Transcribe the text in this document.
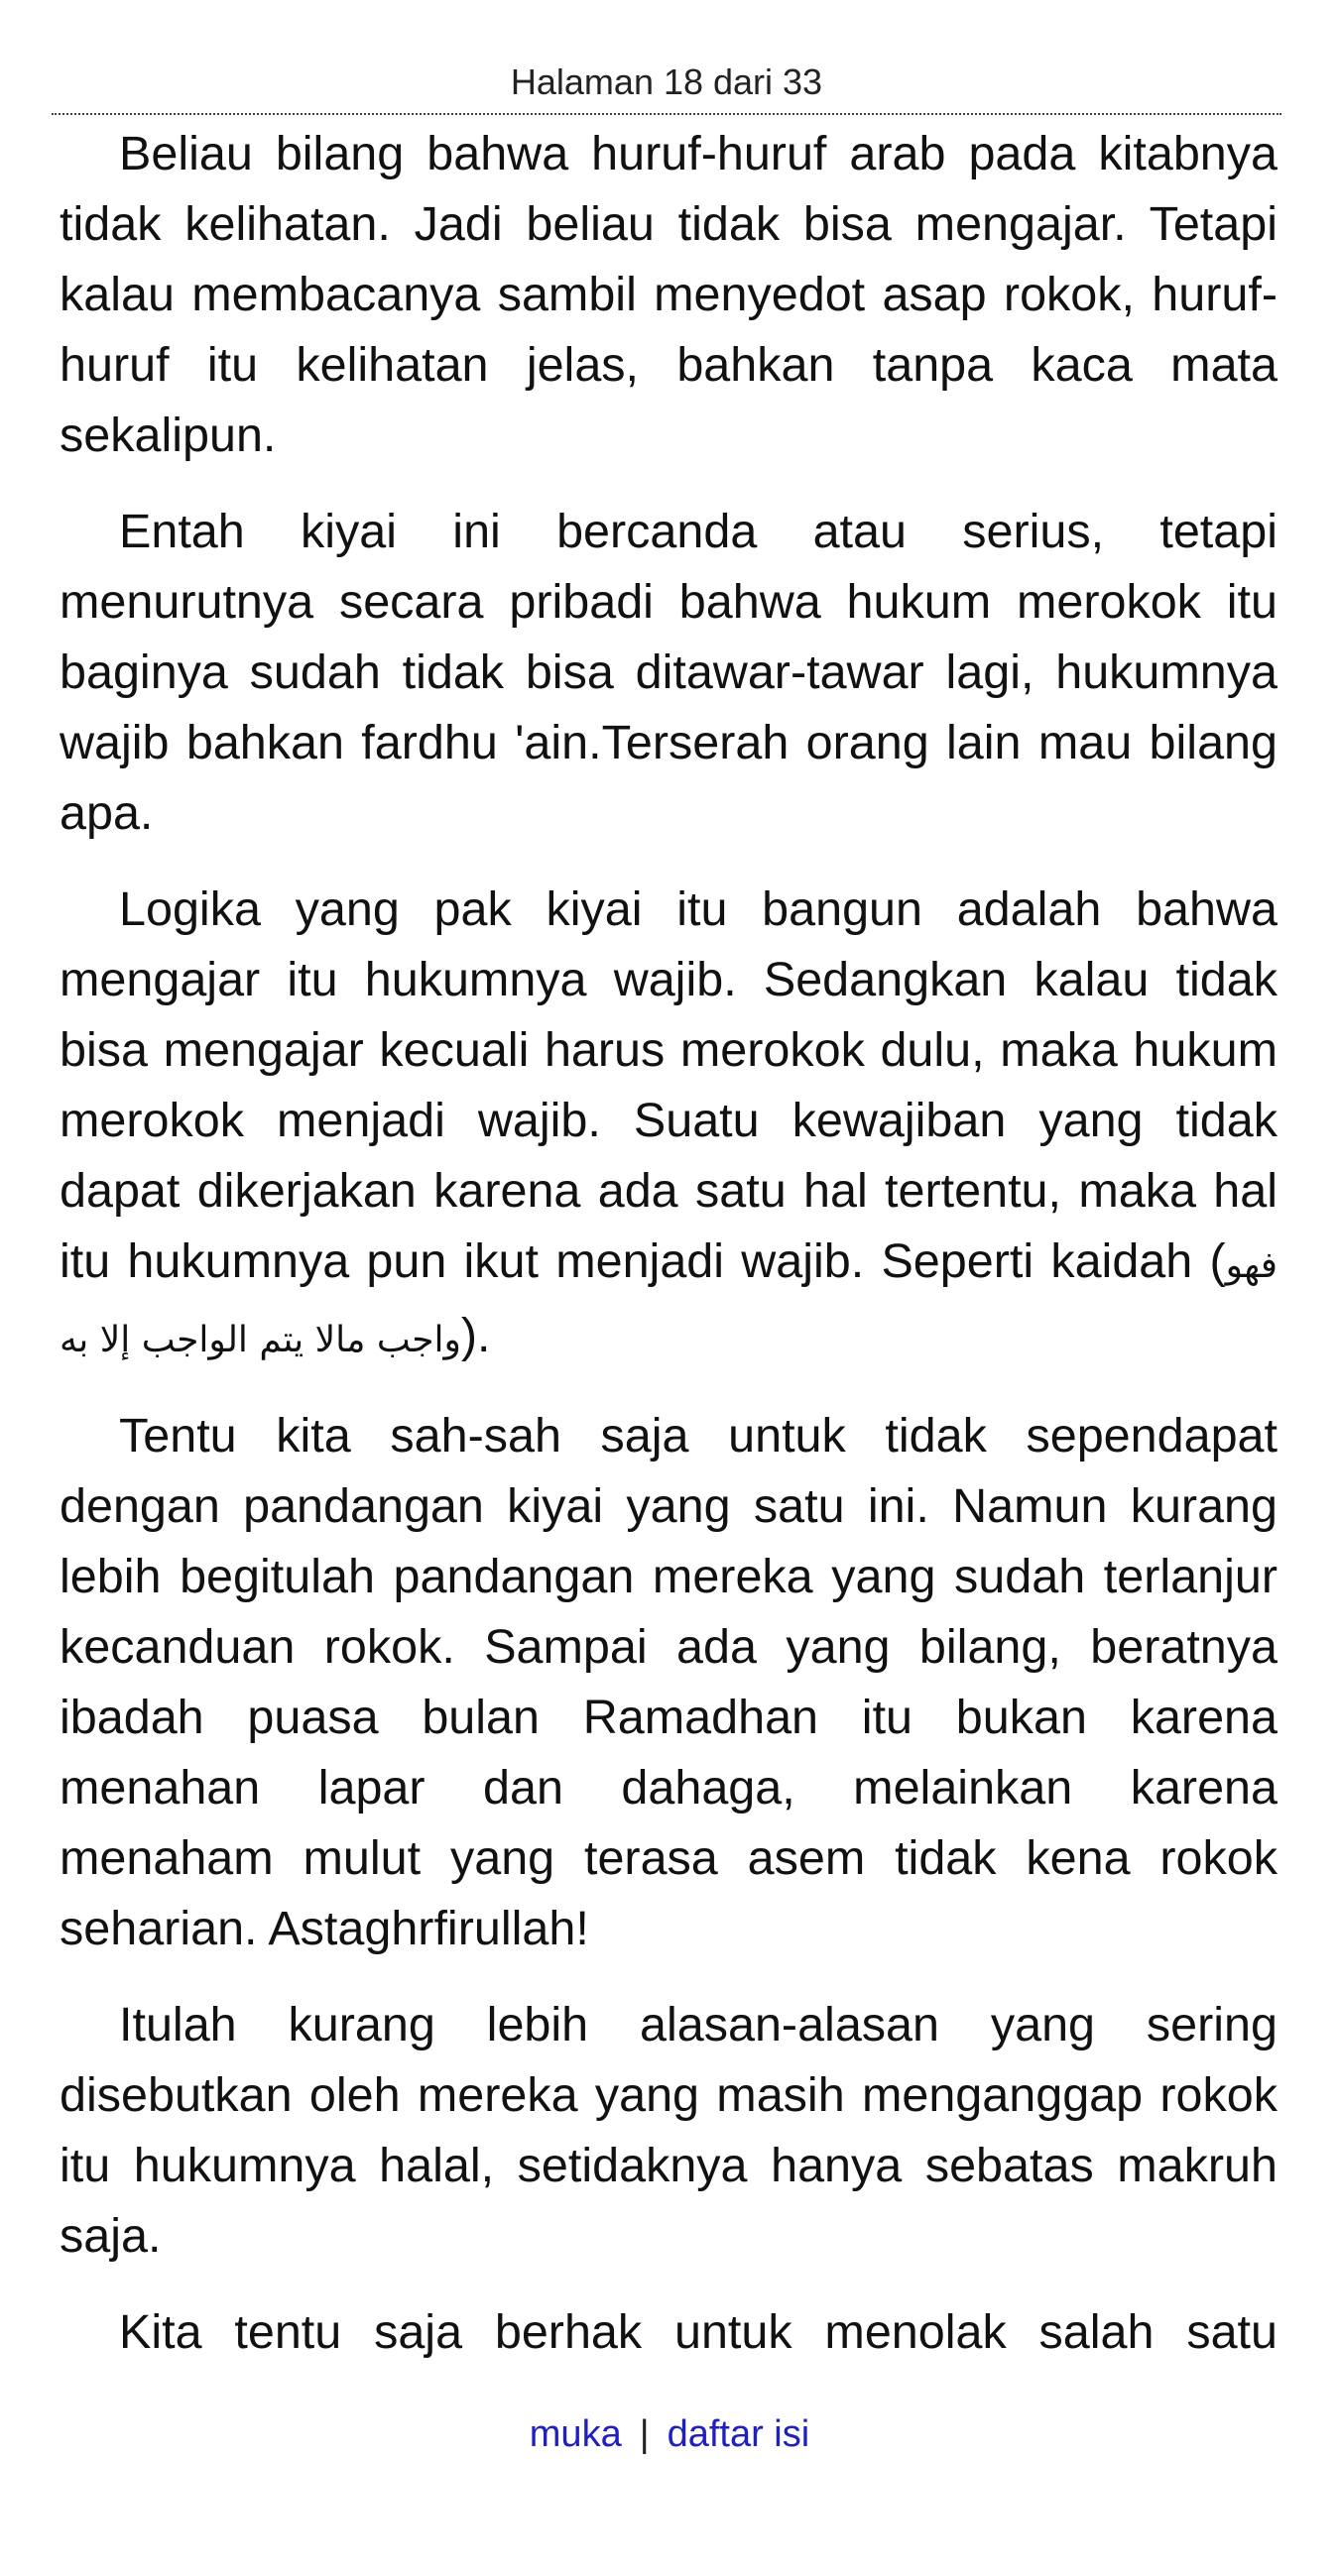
Halaman 18 dari 33

Beliau bilang bahwa huruf-huruf arab pada kitabnya tidak kelihatan. Jadi beliau tidak bisa mengajar. Tetapi kalau membacanya sambil menyedot asap rokok, huruf-huruf itu kelihatan jelas, bahkan tanpa kaca mata sekalipun.

Entah kiyai ini bercanda atau serius, tetapi menurutnya secara pribadi bahwa hukum merokok itu baginya sudah tidak bisa ditawar-tawar lagi, hukumnya wajib bahkan fardhu 'ain.Terserah orang lain mau bilang apa.

Logika yang pak kiyai itu bangun adalah bahwa mengajar itu hukumnya wajib. Sedangkan kalau tidak bisa mengajar kecuali harus merokok dulu, maka hukum merokok menjadi wajib. Suatu kewajiban yang tidak dapat dikerjakan karena ada satu hal tertentu, maka hal itu hukumnya pun ikut menjadi wajib. Seperti kaidah (فهو واجب مالا يتم الواجب إلا به).

Tentu kita sah-sah saja untuk tidak sependapat dengan pandangan kiyai yang satu ini. Namun kurang lebih begitulah pandangan mereka yang sudah terlanjur kecanduan rokok. Sampai ada yang bilang, beratnya ibadah puasa bulan Ramadhan itu bukan karena menahan lapar dan dahaga, melainkan karena menaham mulut yang terasa asem tidak kena rokok seharian. Astaghrfirullah!

Itulah kurang lebih alasan-alasan yang sering disebutkan oleh mereka yang masih menganggap rokok itu hukumnya halal, setidaknya hanya sebatas makruh saja.

Kita tentu saja berhak untuk menolak salah satu

muka | daftar isi
